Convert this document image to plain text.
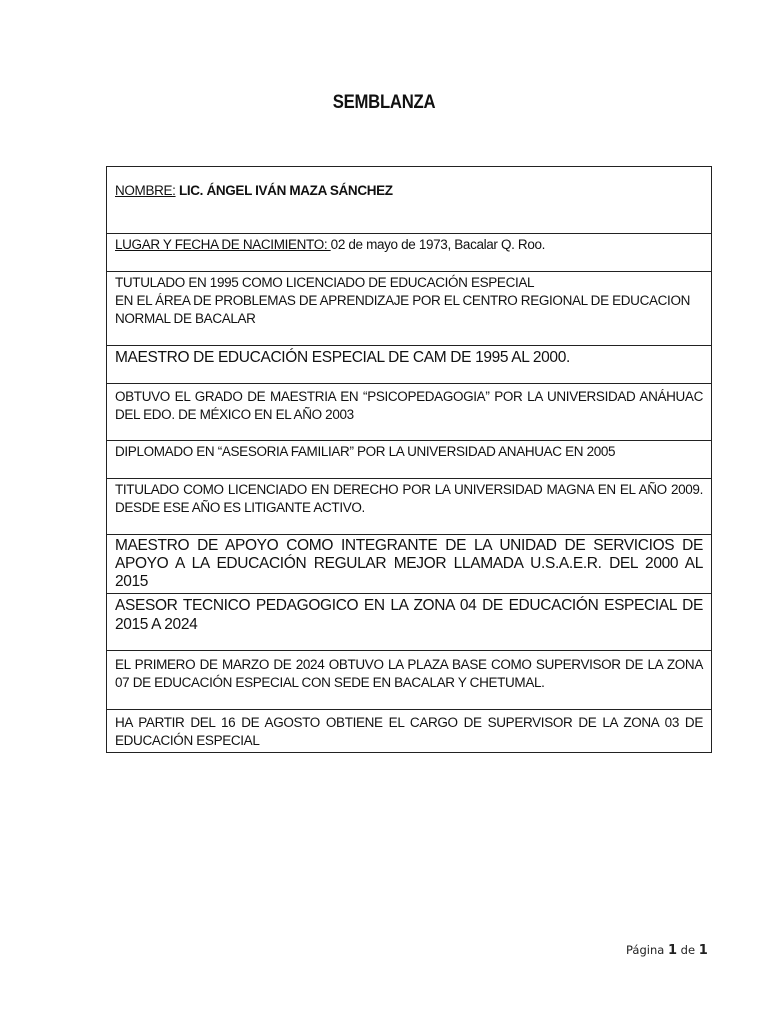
SEMBLANZA
NOMBRE: LIC. ÁNGEL IVÁN MAZA SÁNCHEZ
LUGAR Y FECHA DE NACIMIENTO: 02 de mayo de 1973, Bacalar Q. Roo.

TUTULADO EN 1995 COMO LICENCIADO DE EDUCACIÓN ESPECIAL
EN EL ÁREA DE PROBLEMAS DE APRENDIZAJE POR EL CENTRO REGIONAL DE EDUCACION NORMAL DE BACALAR

MAESTRO DE EDUCACIÓN ESPECIAL DE CAM DE 1995 AL 2000.
OBTUVO EL GRADO DE MAESTRIA EN “PSICOPEDAGOGIA” POR LA UNIVERSIDAD ANÁHUAC DEL EDO. DE MÉXICO EN EL AÑO 2003
DIPLOMADO EN “ASESORIA FAMILIAR” POR LA UNIVERSIDAD ANAHUAC EN 2005
TITULADO COMO LICENCIADO EN DERECHO POR LA UNIVERSIDAD MAGNA EN EL AÑO 2009. DESDE ESE AÑO ES LITIGANTE ACTIVO.
MAESTRO DE APOYO COMO INTEGRANTE DE LA UNIDAD DE SERVICIOS DE APOYO A LA EDUCACIÓN REGULAR MEJOR LLAMADA U.S.A.E.R. DEL 2000 AL 2015
ASESOR TECNICO PEDAGOGICO EN LA ZONA 04 DE EDUCACIÓN ESPECIAL DE 2015 A 2024
EL PRIMERO DE MARZO DE 2024 OBTUVO LA PLAZA BASE COMO SUPERVISOR DE LA ZONA 07 DE EDUCACIÓN ESPECIAL CON SEDE EN BACALAR Y CHETUMAL.
HA PARTIR DEL 16 DE AGOSTO OBTIENE EL CARGO DE SUPERVISOR DE LA ZONA 03 DE EDUCACIÓN ESPECIAL
Página 1 de 1
